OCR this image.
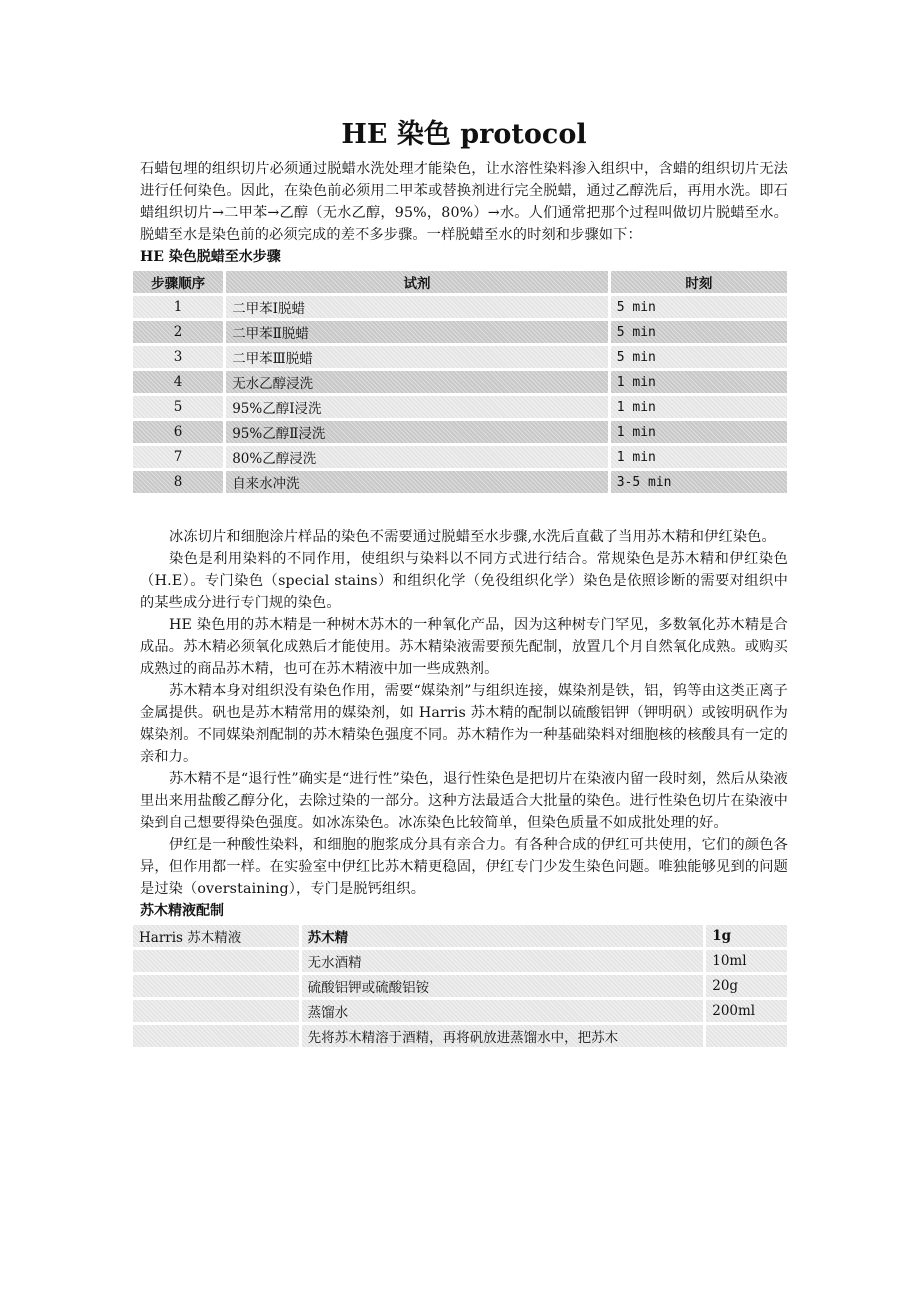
HE 染色 protocol

石蜡包埋的组织切片必须通过脱蜡水洗处理才能染色，让水溶性染料渗入组织中，含蜡的组织切片无法进行任何染色。因此，在染色前必须用二甲苯或替换剂进行完全脱蜡，通过乙醇洗后，再用水洗。即石蜡组织切片→二甲苯→乙醇（无水乙醇，95%，80%）→水。人们通常把那个过程叫做切片脱蜡至水。脱蜡至水是染色前的必须完成的差不多步骤。一样脱蜡至水的时刻和步骤如下：

HE 染色脱蜡至水步骤
步骤顺序	试剂	时刻
1	二甲苯Ⅰ脱蜡	5 min
2	二甲苯Ⅱ脱蜡	5 min
3	二甲苯Ⅲ脱蜡	5 min
4	无水乙醇浸洗	1 min
5	95%乙醇Ⅰ浸洗	1 min
6	95%乙醇Ⅱ浸洗	1 min
7	80%乙醇浸洗	1 min
8	自来水冲洗	3-5 min

冰冻切片和细胞涂片样品的染色不需要通过脱蜡至水步骤,水洗后直截了当用苏木精和伊红染色。

染色是利用染料的不同作用，使组织与染料以不同方式进行结合。常规染色是苏木精和伊红染色（H.E）。专门染色（special stains）和组织化学（免役组织化学）染色是依照诊断的需要对组织中的某些成分进行专门规的染色。

HE 染色用的苏木精是一种树木苏木的一种氧化产品，因为这种树专门罕见，多数氧化苏木精是合成品。苏木精必须氧化成熟后才能使用。苏木精染液需要预先配制，放置几个月自然氧化成熟。或购买成熟过的商品苏木精，也可在苏木精液中加一些成熟剂。

苏木精本身对组织没有染色作用，需要“媒染剂”与组织连接，媒染剂是铁，铝，钨等由这类正离子金属提供。矾也是苏木精常用的媒染剂，如 Harris 苏木精的配制以硫酸铝钾（钾明矾）或铵明矾作为媒染剂。不同媒染剂配制的苏木精染色强度不同。苏木精作为一种基础染料对细胞核的核酸具有一定的亲和力。

苏木精不是“退行性”确实是“进行性”染色，退行性染色是把切片在染液内留一段时刻，然后从染液里出来用盐酸乙醇分化，去除过染的一部分。这种方法最适合大批量的染色。进行性染色切片在染液中染到自己想要得染色强度。如冰冻染色。冰冻染色比较简单，但染色质量不如成批处理的好。

伊红是一种酸性染料，和细胞的胞浆成分具有亲合力。有各种合成的伊红可共使用，它们的颜色各异，但作用都一样。在实验室中伊红比苏木精更稳固，伊红专门少发生染色问题。唯独能够见到的问题是过染（overstaining），专门是脱钙组织。

苏木精液配制
Harris 苏木精液	苏木精	1g
	无水酒精	10ml
	硫酸铝钾或硫酸铝铵	20g
	蒸馏水	200ml
	先将苏木精溶于酒精，再将矾放进蒸馏水中，把苏木	
